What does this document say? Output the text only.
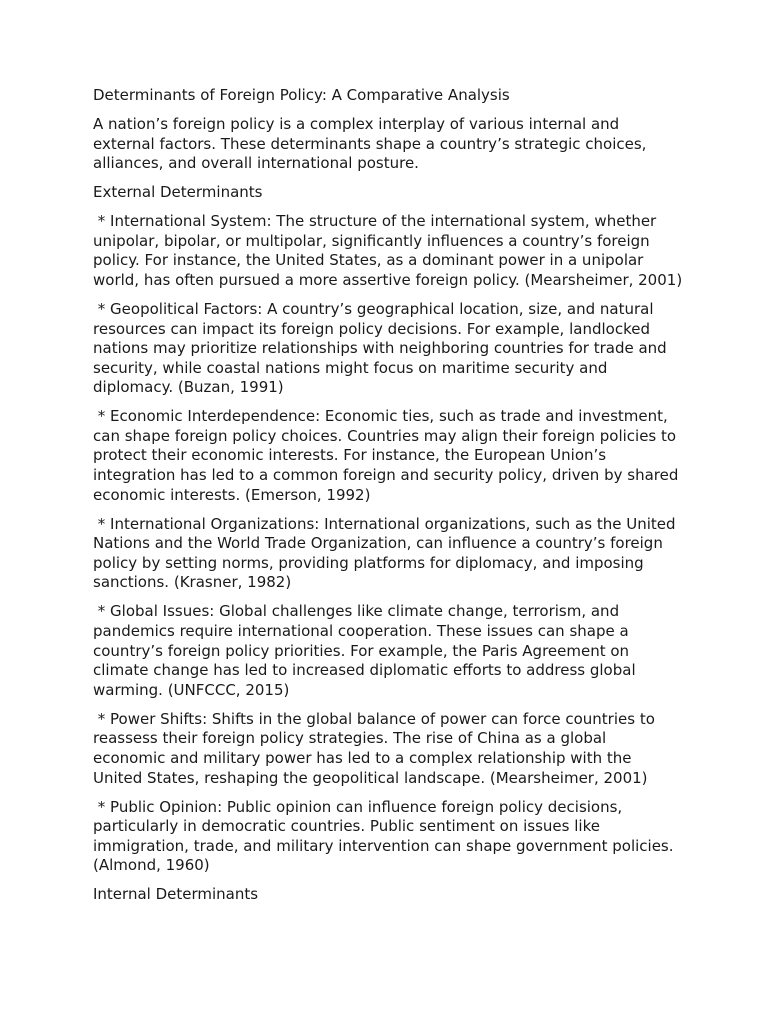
Determinants of Foreign Policy: A Comparative Analysis

A nation’s foreign policy is a complex interplay of various internal and external factors. These determinants shape a country’s strategic choices, alliances, and overall international posture.

External Determinants

* International System: The structure of the international system, whether unipolar, bipolar, or multipolar, significantly influences a country’s foreign policy. For instance, the United States, as a dominant power in a unipolar world, has often pursued a more assertive foreign policy. (Mearsheimer, 2001)

* Geopolitical Factors: A country’s geographical location, size, and natural resources can impact its foreign policy decisions. For example, landlocked nations may prioritize relationships with neighboring countries for trade and security, while coastal nations might focus on maritime security and diplomacy. (Buzan, 1991)

* Economic Interdependence: Economic ties, such as trade and investment, can shape foreign policy choices. Countries may align their foreign policies to protect their economic interests. For instance, the European Union’s integration has led to a common foreign and security policy, driven by shared economic interests. (Emerson, 1992)

* International Organizations: International organizations, such as the United Nations and the World Trade Organization, can influence a country’s foreign policy by setting norms, providing platforms for diplomacy, and imposing sanctions. (Krasner, 1982)

* Global Issues: Global challenges like climate change, terrorism, and pandemics require international cooperation. These issues can shape a country’s foreign policy priorities. For example, the Paris Agreement on climate change has led to increased diplomatic efforts to address global warming. (UNFCCC, 2015)

* Power Shifts: Shifts in the global balance of power can force countries to reassess their foreign policy strategies. The rise of China as a global economic and military power has led to a complex relationship with the United States, reshaping the geopolitical landscape. (Mearsheimer, 2001)

* Public Opinion: Public opinion can influence foreign policy decisions, particularly in democratic countries. Public sentiment on issues like immigration, trade, and military intervention can shape government policies. (Almond, 1960)

Internal Determinants
